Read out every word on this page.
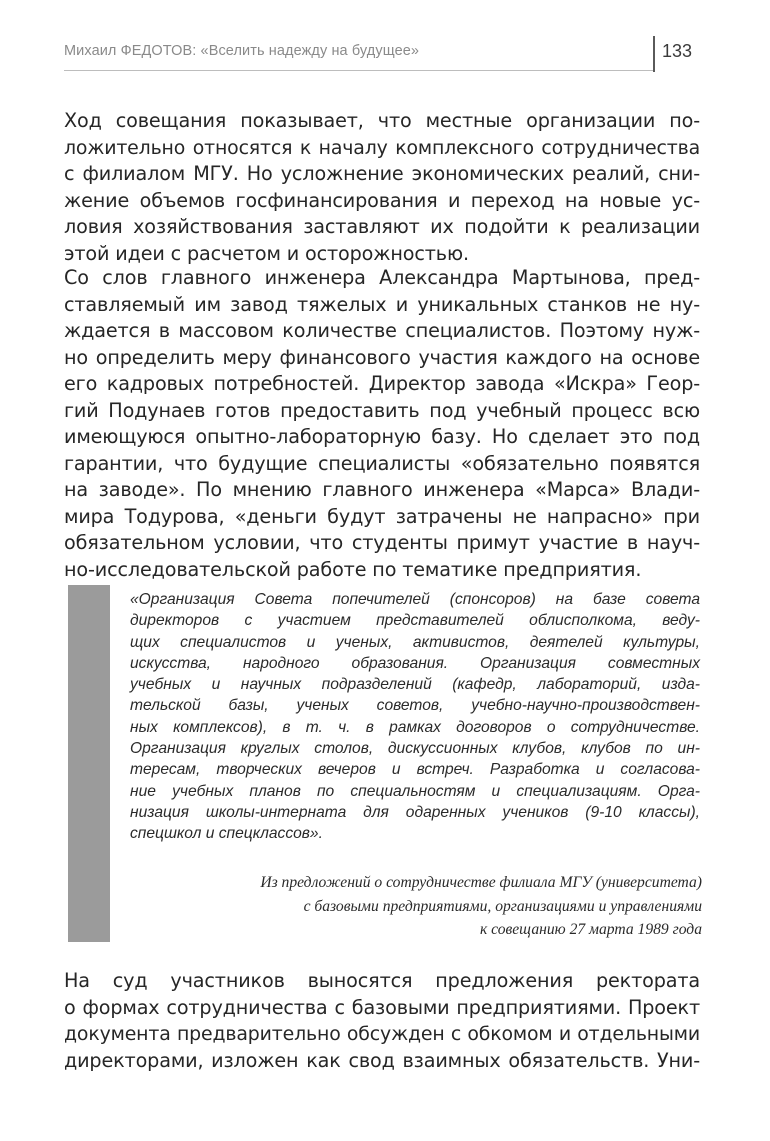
Михаил ФЕДОТОВ: «Вселить надежду на будущее»	133
Ход совещания показывает, что местные организации по-
ложительно относятся к началу комплексного сотрудничества
с филиалом МГУ. Но усложнение экономических реалий, сни-
жение объемов госфинансирования и переход на новые ус-
ловия хозяйствования заставляют их подойти к реализации
этой идеи с расчетом и осторожностью.
Со слов главного инженера Александра Мартынова, пред-
ставляемый им завод тяжелых и уникальных станков не ну-
ждается в массовом количестве специалистов. Поэтому нуж-
но определить меру финансового участия каждого на основе
его кадровых потребностей. Директор завода «Искра» Геор-
гий Подунаев готов предоставить под учебный процесс всю
имеющуюся опытно-лабораторную базу. Но сделает это под
гарантии, что будущие специалисты «обязательно появятся
на заводе». По мнению главного инженера «Марса» Влади-
мира Тодурова, «деньги будут затрачены не напрасно» при
обязательном условии, что студенты примут участие в науч-
но-исследовательской работе по тематике предприятия.
«Организация Совета попечителей (спонсоров) на базе совета
директоров с участием представителей облисполкома, веду-
щих специалистов и ученых, активистов, деятелей культуры,
искусства, народного образования. Организация совместных
учебных и научных подразделений (кафедр, лабораторий, изда-
тельской базы, ученых советов, учебно-научно-производствен-
ных комплексов), в т. ч. в рамках договоров о сотрудничестве.
Организация круглых столов, дискуссионных клубов, клубов по ин-
тересам, творческих вечеров и встреч. Разработка и согласова-
ние учебных планов по специальностям и специализациям. Орга-
низация школы-интерната для одаренных учеников (9-10 классы),
спецшкол и спецклассов».
Из предложений о сотрудничестве филиала МГУ (университета)
с базовыми предприятиями, организациями и управлениями
к совещанию 27 марта 1989 года
На суд участников выносятся предложения ректората
о формах сотрудничества с базовыми предприятиями. Проект
документа предварительно обсужден с обкомом и отдельными
директорами, изложен как свод взаимных обязательств. Уни-
